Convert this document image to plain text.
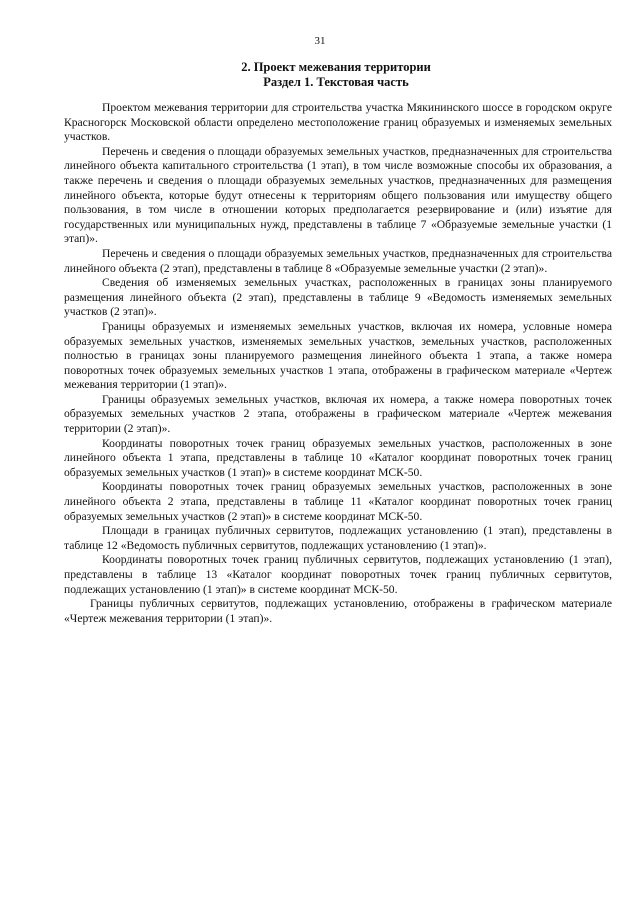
31
2. Проект межевания территории
Раздел 1. Текстовая часть

Проектом межевания территории для строительства участка Мякининского шоссе в городском округе Красногорск Московской области определено местоположение границ образуемых и изменяемых земельных участков.

Перечень и сведения о площади образуемых земельных участков, предназначенных для строительства линейного объекта капитального строительства (1 этап), в том числе возможные способы их образования, а также перечень и сведения о площади образуемых земельных участков, предназначенных для размещения линейного объекта, которые будут отнесены к территориям общего пользования или имуществу общего пользования, в том числе в отношении которых предполагается резервирование и (или) изъятие для государственных или муниципальных нужд, представлены в таблице 7 «Образуемые земельные участки (1 этап)».

Перечень и сведения о площади образуемых земельных участков, предназначенных для строительства линейного объекта (2 этап), представлены в таблице 8 «Образуемые земельные участки (2 этап)».

Сведения об изменяемых земельных участках, расположенных в границах зоны планируемого размещения линейного объекта (2 этап), представлены в таблице 9 «Ведомость изменяемых земельных участков (2 этап)».

Границы образуемых и изменяемых земельных участков, включая их номера, условные номера образуемых земельных участков, изменяемых земельных участков, земельных участков, расположенных полностью в границах зоны планируемого размещения линейного объекта 1 этапа, а также номера поворотных точек образуемых земельных участков 1 этапа, отображены в графическом материале «Чертеж межевания территории (1 этап)».

Границы образуемых земельных участков, включая их номера, а также номера поворотных точек образуемых земельных участков 2 этапа, отображены в графическом материале «Чертеж межевания территории (2 этап)».

Координаты поворотных точек границ образуемых земельных участков, расположенных в зоне линейного объекта 1 этапа, представлены в таблице 10 «Каталог координат поворотных точек границ образуемых земельных участков (1 этап)» в системе координат МСК-50.

Координаты поворотных точек границ образуемых земельных участков, расположенных в зоне линейного объекта 2 этапа, представлены в таблице 11 «Каталог координат поворотных точек границ образуемых земельных участков (2 этап)» в системе координат МСК-50.

Площади в границах публичных сервитутов, подлежащих установлению (1 этап), представлены в таблице 12 «Ведомость публичных сервитутов, подлежащих установлению (1 этап)».

Координаты поворотных точек границ публичных сервитутов, подлежащих установлению (1 этап), представлены в таблице 13 «Каталог координат поворотных точек границ публичных сервитутов, подлежащих установлению (1 этап)» в системе координат МСК-50.

Границы публичных сервитутов, подлежащих установлению, отображены в графическом материале «Чертеж межевания территории (1 этап)».
